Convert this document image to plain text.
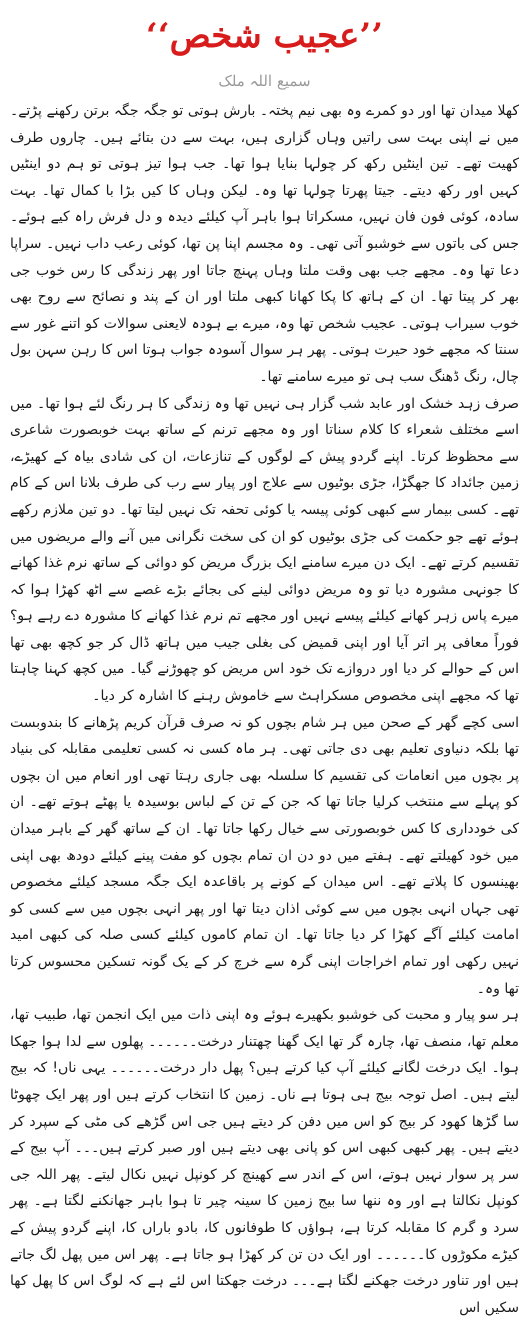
’’عجیب شخص‘‘
سمیع اللہ ملک

کھلا میدان تھا اور دو کمرے وہ بھی نیم پختہ۔ بارش ہوتی تو جگہ جگہ برتن رکھنے پڑتے۔ میں نے اپنی بہت سی راتیں وہاں گزاری ہیں، بہت سے دن بتائے ہیں۔ چاروں طرف کھیت تھے۔ تین اینٹیں رکھ کر چولہا بنایا ہوا تھا۔ جب ہوا تیز ہوتی تو ہم دو اینٹیں کہیں اور رکھ دیتے۔ جیتا پھرتا چولہا تھا وہ۔ لیکن وہاں کا کیں بڑا با کمال تھا۔ بہت سادہ، کوئی فون فان نہیں، مسکراتا ہوا باہر آپ کیلئے دیدہ و دل فرش راہ کیے ہوئے۔ جس کی باتوں سے خوشبو آتی تھی۔ وہ مجسم اپنا پن تھا، کوئی رعب داب نہیں۔ سراپا دعا تھا وہ۔ مجھے جب بھی وقت ملتا وہاں پہنچ جاتا اور پھر زندگی کا رس خوب جی بھر کر پیتا تھا۔ ان کے ہاتھ کا پکا کھانا کبھی ملتا اور ان کے پند و نصائح سے روح بھی خوب سیراب ہوتی۔ عجیب شخص تھا وہ، میرے بے ہودہ لایعنی سوالات کو اتنے غور سے سنتا کہ مجھے خود حیرت ہوتی۔ پھر ہر سوال آسودہ جواب ہوتا اس کا رہن سہن بول چال، رنگ ڈھنگ سب ہی تو میرے سامنے تھا۔

صرف زہد خشک اور عابد شب گزار ہی نہیں تھا وہ زندگی کا ہر رنگ لئے ہوا تھا۔ میں اسے مختلف شعراء کا کلام سناتا اور وہ مجھے ترنم کے ساتھ بہت خوبصورت شاعری سے محظوظ کرتا۔ اپنے گردو پیش کے لوگوں کے تنازعات، ان کی شادی بیاہ کے کھیڑے، زمین جائداد کا جھگڑا، جڑی بوٹیوں سے علاج اور پیار سے رب کی طرف بلانا اس کے کام تھے۔ کسی بیمار سے کبھی کوئی پیسہ یا کوئی تحفہ تک نہیں لیتا تھا۔ دو تین ملازم رکھے ہوئے تھے جو حکمت کی جڑی بوٹیوں کو ان کی سخت نگرانی میں آنے والے مریضوں میں تقسیم کرتے تھے۔ ایک دن میرے سامنے ایک بزرگ مریض کو دوائی کے ساتھ نرم غذا کھانے کا جونہی مشورہ دیا تو وہ مریض دوائی لینے کی بجائے بڑے غصے سے اٹھ کھڑا ہوا کہ میرے پاس زہر کھانے کیلئے پیسے نہیں اور مجھے تم نرم غذا کھانے کا مشورہ دے رہے ہو؟ فوراً معافی پر اتر آیا اور اپنی قمیض کی بغلی جیب میں ہاتھ ڈال کر جو کچھ بھی تھا اس کے حوالے کر دیا اور دروازے تک خود اس مریض کو چھوڑنے گیا۔ میں کچھ کہنا چاہتا تھا کہ مجھے اپنی مخصوص مسکراہٹ سے خاموش رہنے کا اشارہ کر دیا۔

اسی کچے گھر کے صحن میں ہر شام بچوں کو نہ صرف قرآن کریم پڑھانے کا بندوبست تھا بلکہ دنیاوی تعلیم بھی دی جاتی تھی۔ ہر ماہ کسی نہ کسی تعلیمی مقابلہ کی بنیاد پر بچوں میں انعامات کی تقسیم کا سلسلہ بھی جاری رہتا تھی اور انعام میں ان بچوں کو پہلے سے منتخب کرلیا جاتا تھا کہ جن کے تن کے لباس بوسیدہ یا پھٹے ہوتے تھے۔ ان کی خودداری کا کس خوبصورتی سے خیال رکھا جاتا تھا۔ ان کے ساتھ گھر کے باہر میدان میں خود کھیلتے تھے۔ ہفتے میں دو دن ان تمام بچوں کو مفت پینے کیلئے دودھ بھی اپنی بھینسوں کا پلاتے تھے۔ اس میدان کے کونے پر باقاعدہ ایک جگہ مسجد کیلئے مخصوص تھی جہاں انہی بچوں میں سے کوئی اذان دیتا تھا اور پھر انہی بچوں میں سے کسی کو امامت کیلئے آگے کھڑا کر دیا جاتا تھا۔ ان تمام کاموں کیلئے کسی صلہ کی کبھی امید نہیں رکھی اور تمام اخراجات اپنی گرہ سے خرچ کر کے یک گونہ تسکین محسوس کرتا تھا وہ۔

ہر سو پیار و محبت کی خوشبو بکھیرے ہوئے وہ اپنی ذات میں ایک انجمن تھا، طبیب تھا، معلم تھا، منصف تھا، چارہ گر تھا ایک گھنا چھتنار درخت۔۔۔۔۔۔ پھلوں سے لدا ہوا جھکا ہوا۔ ایک درخت لگانے کیلئے آپ کیا کرتے ہیں؟ پھل دار درخت۔۔۔۔۔۔ یہی ناں! کہ بیج لیتے ہیں۔ اصل توجہ بیج ہی ہوتا ہے ناں۔ زمین کا انتخاب کرتے ہیں اور پھر ایک چھوٹا سا گڑھا کھود کر بیج کو اس میں دفن کر دیتے ہیں جی اس گڑھے کی مٹی کے سپرد کر دیتے ہیں۔ پھر کبھی کبھی اس کو پانی بھی دیتے ہیں اور صبر کرتے ہیں۔۔۔ آپ بیج کے سر پر سوار نہیں ہوتے، اس کے اندر سے کھینچ کر کونپل نہیں نکال لیتے۔ پھر اللہ جی کونپل نکالتا ہے اور وہ ننھا سا بیج زمین کا سینہ چیر تا ہوا باہر جھانکنے لگتا ہے۔ پھر سرد و گرم کا مقابلہ کرتا ہے، ہواؤں کا طوفانوں کا، بادو باراں کا، اپنے گردو پیش کے کیڑے مکوڑوں کا۔۔۔۔۔۔ اور ایک دن تن کر کھڑا ہو جاتا ہے۔ پھر اس میں پھل لگ جاتے ہیں اور تناور درخت جھکنے لگتا ہے۔۔۔ درخت جھکتا اس لئے ہے کہ لوگ اس کا پھل کھا سکیں اس
